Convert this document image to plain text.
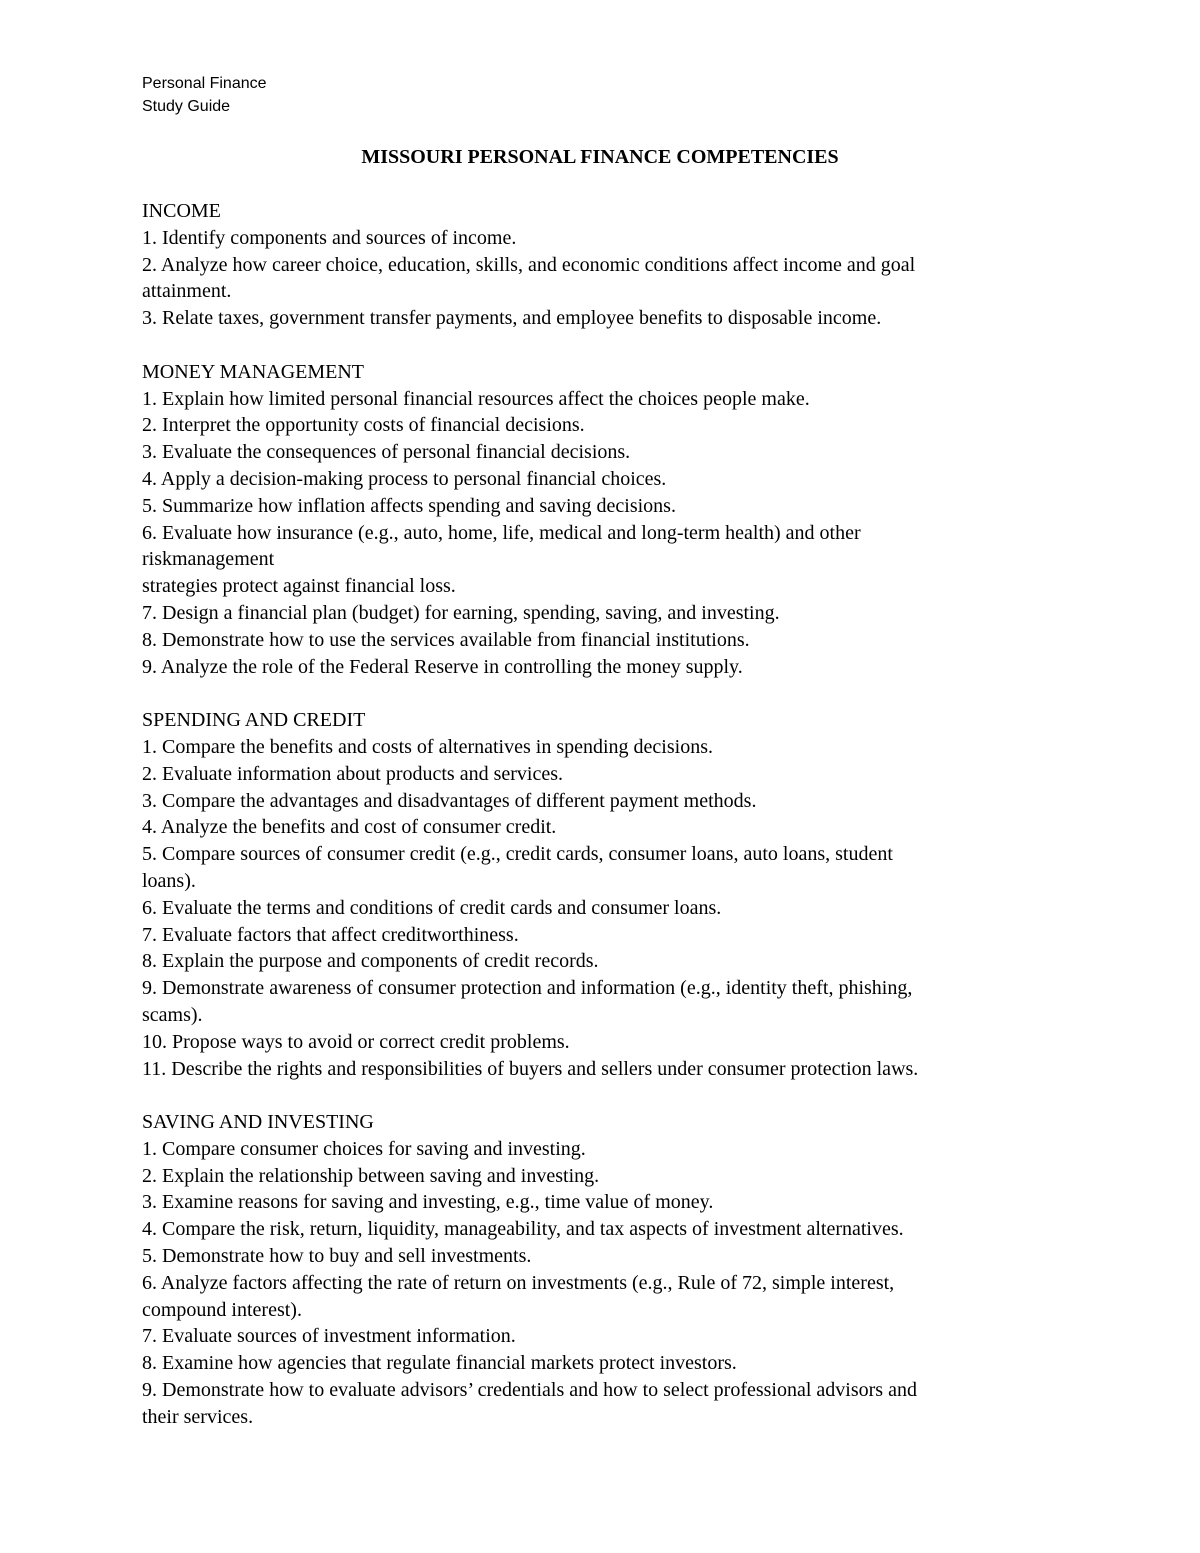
Personal Finance
Study Guide
MISSOURI PERSONAL FINANCE COMPETENCIES
INCOME
1. Identify components and sources of income.
2. Analyze how career choice, education, skills, and economic conditions affect income and goal
attainment.
3. Relate taxes, government transfer payments, and employee benefits to disposable income.
MONEY MANAGEMENT
1. Explain how limited personal financial resources affect the choices people make.
2. Interpret the opportunity costs of financial decisions.
3. Evaluate the consequences of personal financial decisions.
4. Apply a decision-making process to personal financial choices.
5. Summarize how inflation affects spending and saving decisions.
6. Evaluate how insurance (e.g., auto, home, life, medical and long-term health) and other
riskmanagement
strategies protect against financial loss.
7. Design a financial plan (budget) for earning, spending, saving, and investing.
8. Demonstrate how to use the services available from financial institutions.
9. Analyze the role of the Federal Reserve in controlling the money supply.
SPENDING AND CREDIT
1. Compare the benefits and costs of alternatives in spending decisions.
2. Evaluate information about products and services.
3. Compare the advantages and disadvantages of different payment methods.
4. Analyze the benefits and cost of consumer credit.
5. Compare sources of consumer credit (e.g., credit cards, consumer loans, auto loans, student
loans).
6. Evaluate the terms and conditions of credit cards and consumer loans.
7. Evaluate factors that affect creditworthiness.
8. Explain the purpose and components of credit records.
9. Demonstrate awareness of consumer protection and information (e.g., identity theft, phishing,
scams).
10. Propose ways to avoid or correct credit problems.
11. Describe the rights and responsibilities of buyers and sellers under consumer protection laws.
SAVING AND INVESTING
1. Compare consumer choices for saving and investing.
2. Explain the relationship between saving and investing.
3. Examine reasons for saving and investing, e.g., time value of money.
4. Compare the risk, return, liquidity, manageability, and tax aspects of investment alternatives.
5. Demonstrate how to buy and sell investments.
6. Analyze factors affecting the rate of return on investments (e.g., Rule of 72, simple interest,
compound interest).
7. Evaluate sources of investment information.
8. Examine how agencies that regulate financial markets protect investors.
9. Demonstrate how to evaluate advisors’ credentials and how to select professional advisors and
their services.
